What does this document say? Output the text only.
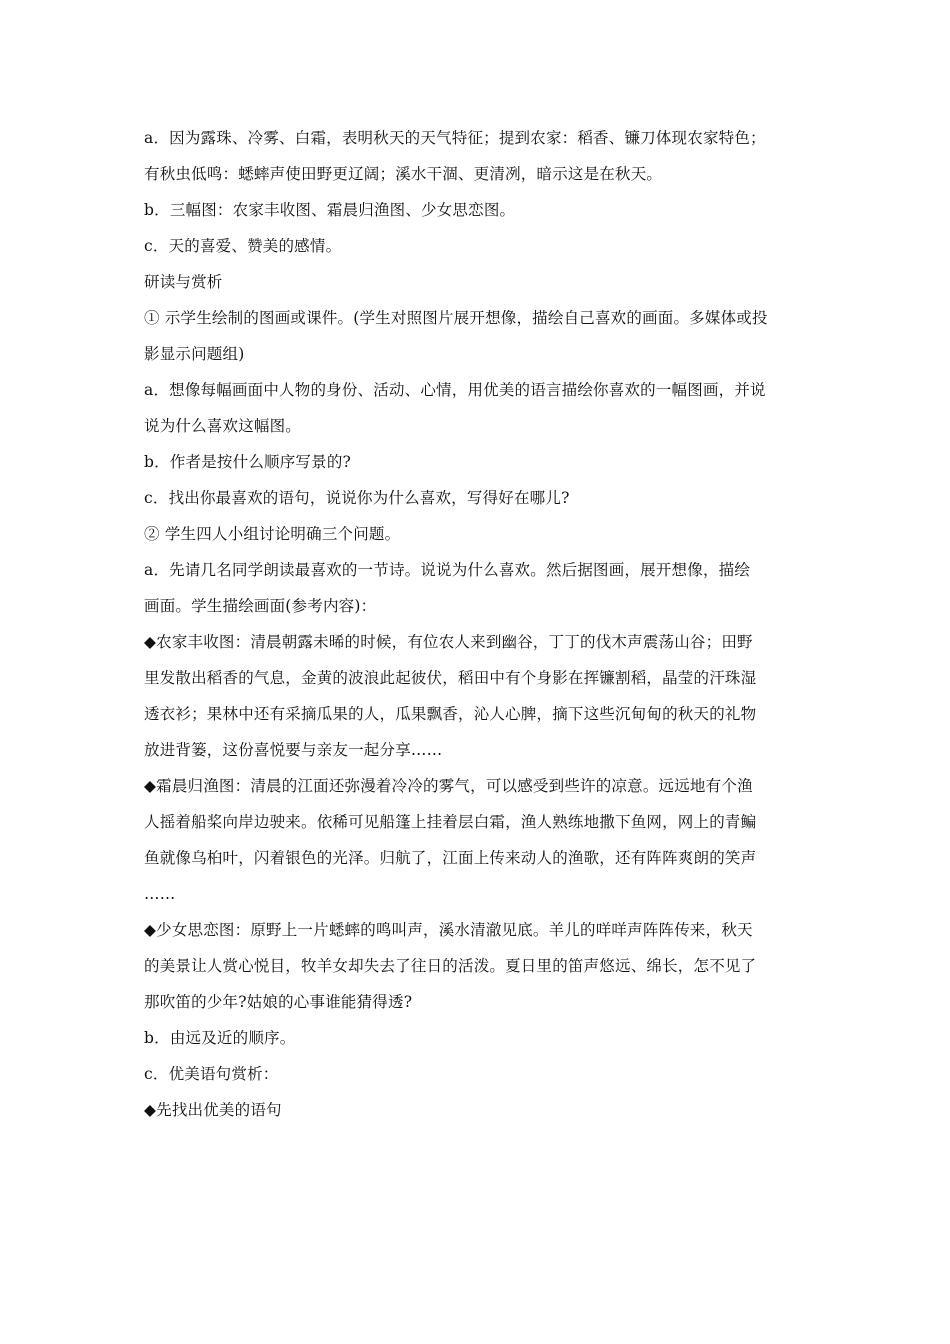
a．因为露珠、冷雾、白霜，表明秋天的天气特征；提到农家：稻香、镰刀体现农家特色；
有秋虫低鸣：蟋蟀声使田野更辽阔；溪水干涸、更清冽，暗示这是在秋天。
b．三幅图：农家丰收图、霜晨归渔图、少女思恋图。
c．天的喜爱、赞美的感情。
研读与赏析
① 示学生绘制的图画或课件。(学生对照图片展开想像，描绘自己喜欢的画面。多媒体或投
影显示问题组)
a．想像每幅画面中人物的身份、活动、心情，用优美的语言描绘你喜欢的一幅图画，并说
说为什么喜欢这幅图。
b．作者是按什么顺序写景的?
c．找出你最喜欢的语句，说说你为什么喜欢，写得好在哪儿?
② 学生四人小组讨论明确三个问题。
a．先请几名同学朗读最喜欢的一节诗。说说为什么喜欢。然后据图画，展开想像，描绘
画面。学生描绘画面(参考内容)：
◆农家丰收图：清晨朝露未晞的时候，有位农人来到幽谷，丁丁的伐木声震荡山谷；田野
里发散出稻香的气息，金黄的波浪此起彼伏，稻田中有个身影在挥镰割稻，晶莹的汗珠湿
透衣衫；果林中还有采摘瓜果的人，瓜果飘香，沁人心脾，摘下这些沉甸甸的秋天的礼物
放进背篓，这份喜悦要与亲友一起分享……
◆霜晨归渔图：清晨的江面还弥漫着冷冷的雾气，可以感受到些许的凉意。远远地有个渔
人摇着船桨向岸边驶来。依稀可见船篷上挂着层白霜，渔人熟练地撒下鱼网，网上的青鳊
鱼就像乌桕叶，闪着银色的光泽。归航了，江面上传来动人的渔歌，还有阵阵爽朗的笑声
……
◆少女思恋图：原野上一片蟋蟀的鸣叫声，溪水清澈见底。羊儿的咩咩声阵阵传来，秋天
的美景让人赏心悦目，牧羊女却失去了往日的活泼。夏日里的笛声悠远、绵长，怎不见了
那吹笛的少年?姑娘的心事谁能猜得透?
b．由远及近的顺序。
c．优美语句赏析：
◆先找出优美的语句
